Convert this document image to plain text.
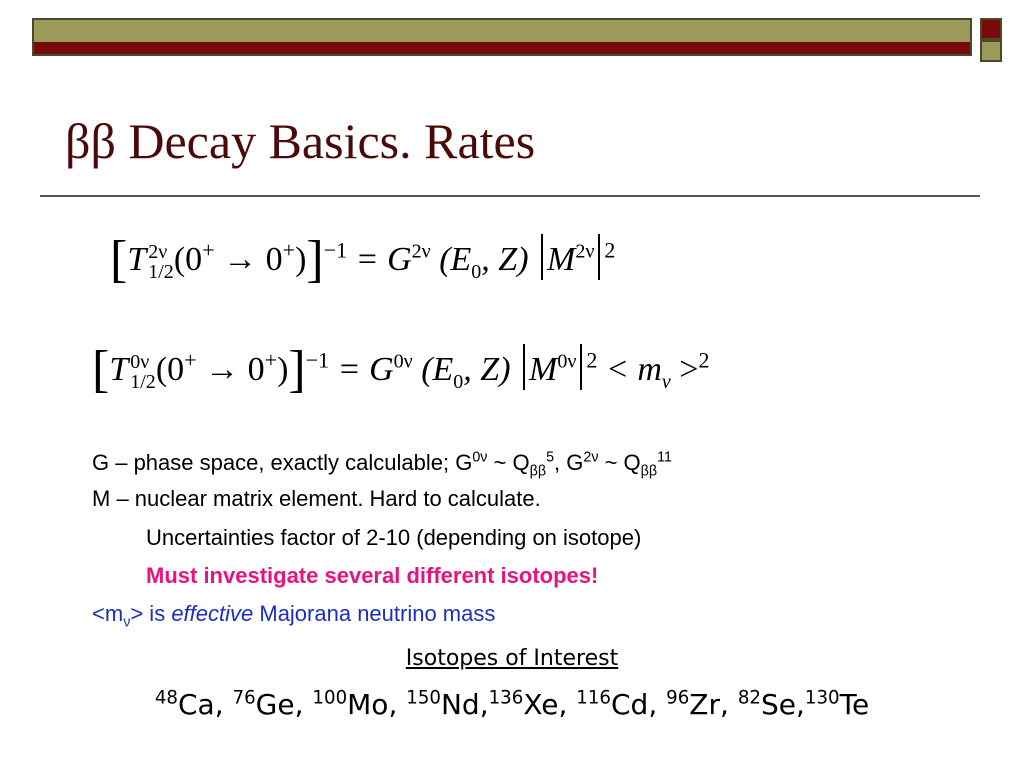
ββ Decay Basics. Rates
[T 2ν
1/2 $(0^+ \to 0^+)]^{-1} = G^{2\nu}$ ($E_0$, Z) $M^{2\nu}$ $^2$
[T 0ν
1/2 $(0^+ \to 0^+)]^{-1} = G^{0\nu}$ ($E_0$, Z) $M^{0\nu}$ $^2 < m_\nu >^2$
G – phase space, exactly calculable; $G^{0\nu}$ ~ $Q_{\beta\beta}^5$, $G^{2\nu}$ ~ $Q_{\beta\beta}^{11}$
M – nuclear matrix element. Hard to calculate.
Uncertainties factor of 2-10 (depending on isotope)
Must investigate several different isotopes!
$<m_\nu>$ is effective Majorana neutrino mass
Isotopes of Interest
$^{48}$Ca, $^{76}$Ge, $^{100}$Mo, $^{150}$Nd,$^{136}$Xe, $^{116}$Cd, $^{96}$Zr, $^{82}$Se,$^{130}$Te
